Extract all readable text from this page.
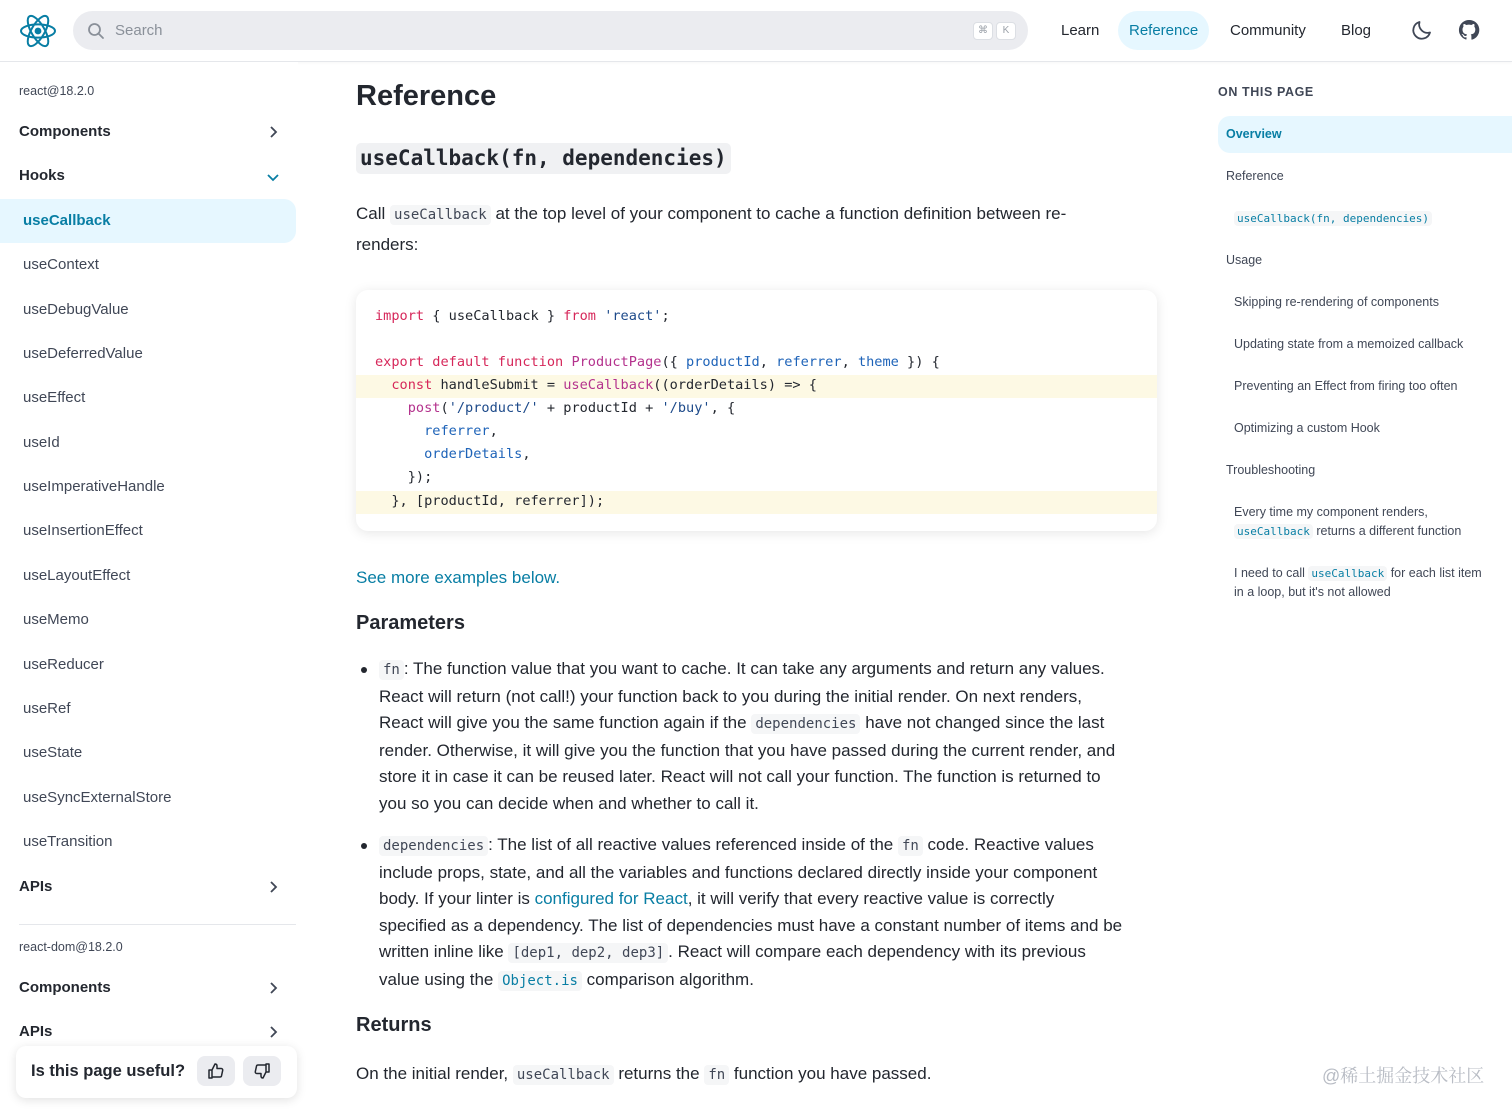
Search	⌘	K	Learn	Reference	Community	Blog
react@18.2.0
Components
Hooks
useCallback
useContext
useDebugValue
useDeferredValue
useEffect
useId
useImperativeHandle
useInsertionEffect
useLayoutEffect
useMemo
useReducer
useRef
useState
useSyncExternalStore
useTransition
APIs
react-dom@18.2.0
Components
APIs
Is this page useful?
Reference
useCallback(fn, dependencies)
Call useCallback at the top level of your component to cache a function definition between re-
renders:
import { useCallback } from 'react';
export default function ProductPage({ productId, referrer, theme }) {
const handleSubmit = useCallback((orderDetails) => {
post('/product/' + productId + '/buy', {
referrer,
orderDetails,
});
}, [productId, referrer]);
See more examples below.
Parameters
fn : The function value that you want to cache. It can take any arguments and return any values.
React will return (not call!) your function back to you during the initial render. On next renders,
React will give you the same function again if the dependencies have not changed since the last
render. Otherwise, it will give you the function that you have passed during the current render, and
store it in case it can be reused later. React will not call your function. The function is returned to
you so you can decide when and whether to call it.
dependencies : The list of all reactive values referenced inside of the fn code. Reactive values
include props, state, and all the variables and functions declared directly inside your component
body. If your linter is configured for React, it will verify that every reactive value is correctly
specified as a dependency. The list of dependencies must have a constant number of items and be
written inline like [dep1, dep2, dep3] . React will compare each dependency with its previous
value using the Object.is comparison algorithm.
Returns
On the initial render, useCallback returns the fn function you have passed.
ON THIS PAGE
Overview
Reference
useCallback(fn, dependencies)
Usage
Skipping re-rendering of components
Updating state from a memoized callback
Preventing an Effect from firing too often
Optimizing a custom Hook
Troubleshooting
Every time my component renders,
useCallback returns a different function
I need to call useCallback for each list item
in a loop, but it's not allowed
@稀土掘金技术社区
